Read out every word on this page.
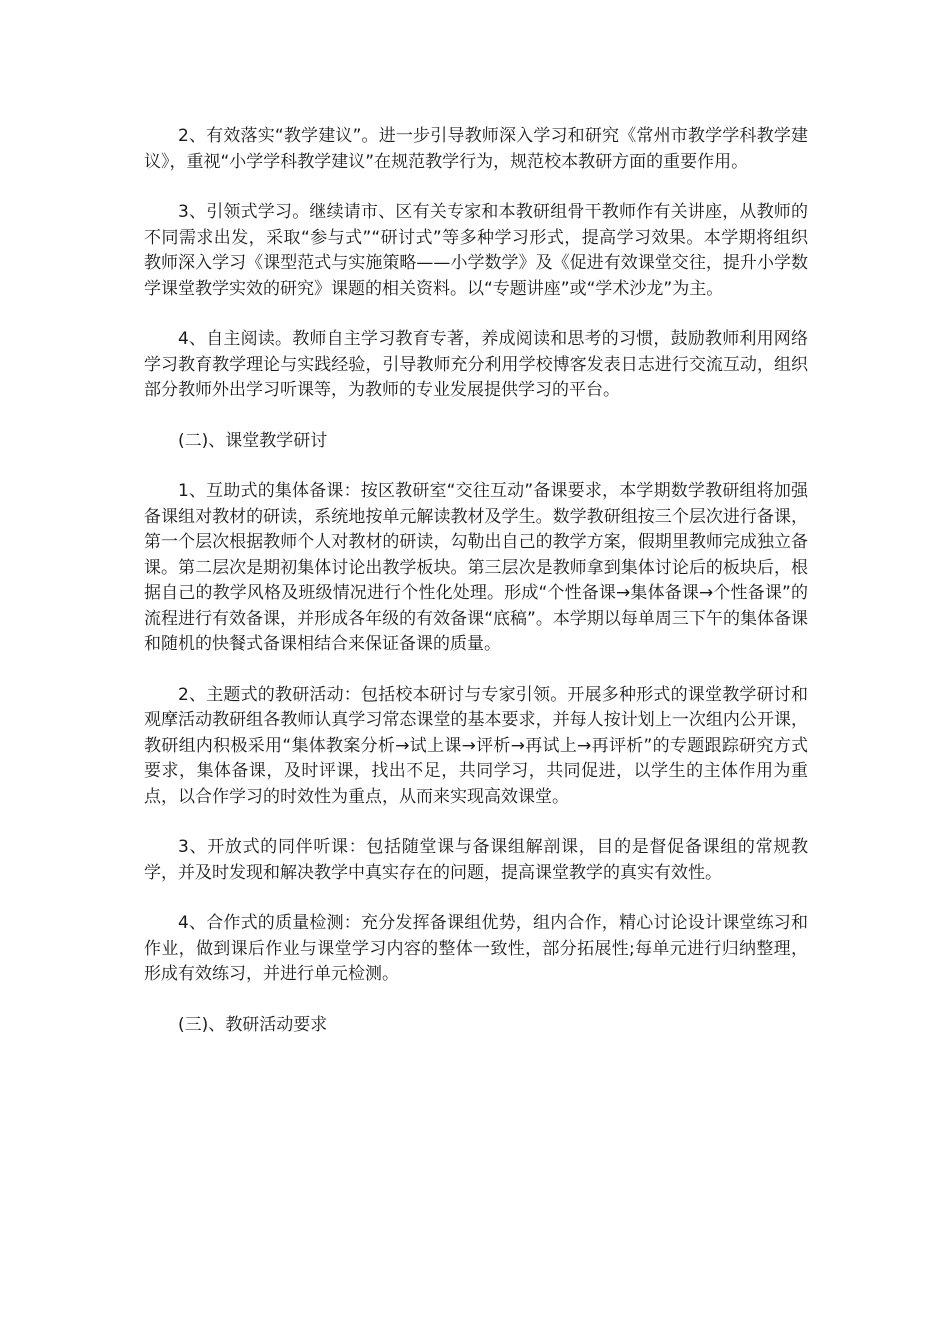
2、有效落实“教学建议”。进一步引导教师深入学习和研究《常州市教学学科教学建议》，重视“小学学科教学建议”在规范教学行为，规范校本教研方面的重要作用。

3、引领式学习。继续请市、区有关专家和本教研组骨干教师作有关讲座，从教师的不同需求出发，采取“参与式”“研讨式”等多种学习形式，提高学习效果。本学期将组织教师深入学习《课型范式与实施策略——小学数学》及《促进有效课堂交往，提升小学数学课堂教学实效的研究》课题的相关资料。以“专题讲座”或“学术沙龙”为主。

4、自主阅读。教师自主学习教育专著，养成阅读和思考的习惯，鼓励教师利用网络学习教育教学理论与实践经验，引导教师充分利用学校博客发表日志进行交流互动，组织部分教师外出学习听课等，为教师的专业发展提供学习的平台。

(二)、课堂教学研讨

1、互助式的集体备课：按区教研室“交往互动”备课要求，本学期数学教研组将加强备课组对教材的研读，系统地按单元解读教材及学生。数学教研组按三个层次进行备课，第一个层次根据教师个人对教材的研读，勾勒出自己的教学方案，假期里教师完成独立备课。第二层次是期初集体讨论出教学板块。第三层次是教师拿到集体讨论后的板块后，根据自己的教学风格及班级情况进行个性化处理。形成“个性备课→集体备课→个性备课”的流程进行有效备课，并形成各年级的有效备课“底稿”。本学期以每单周三下午的集体备课和随机的快餐式备课相结合来保证备课的质量。

2、主题式的教研活动：包括校本研讨与专家引领。开展多种形式的课堂教学研讨和观摩活动教研组各教师认真学习常态课堂的基本要求，并每人按计划上一次组内公开课，教研组内积极采用“集体教案分析→试上课→评析→再试上→再评析”的专题跟踪研究方式要求，集体备课，及时评课，找出不足，共同学习，共同促进，以学生的主体作用为重点，以合作学习的时效性为重点，从而来实现高效课堂。

3、开放式的同伴听课：包括随堂课与备课组解剖课，目的是督促备课组的常规教学，并及时发现和解决教学中真实存在的问题，提高课堂教学的真实有效性。

4、合作式的质量检测：充分发挥备课组优势，组内合作，精心讨论设计课堂练习和作业，做到课后作业与课堂学习内容的整体一致性，部分拓展性;每单元进行归纳整理，形成有效练习，并进行单元检测。

(三)、教研活动要求
